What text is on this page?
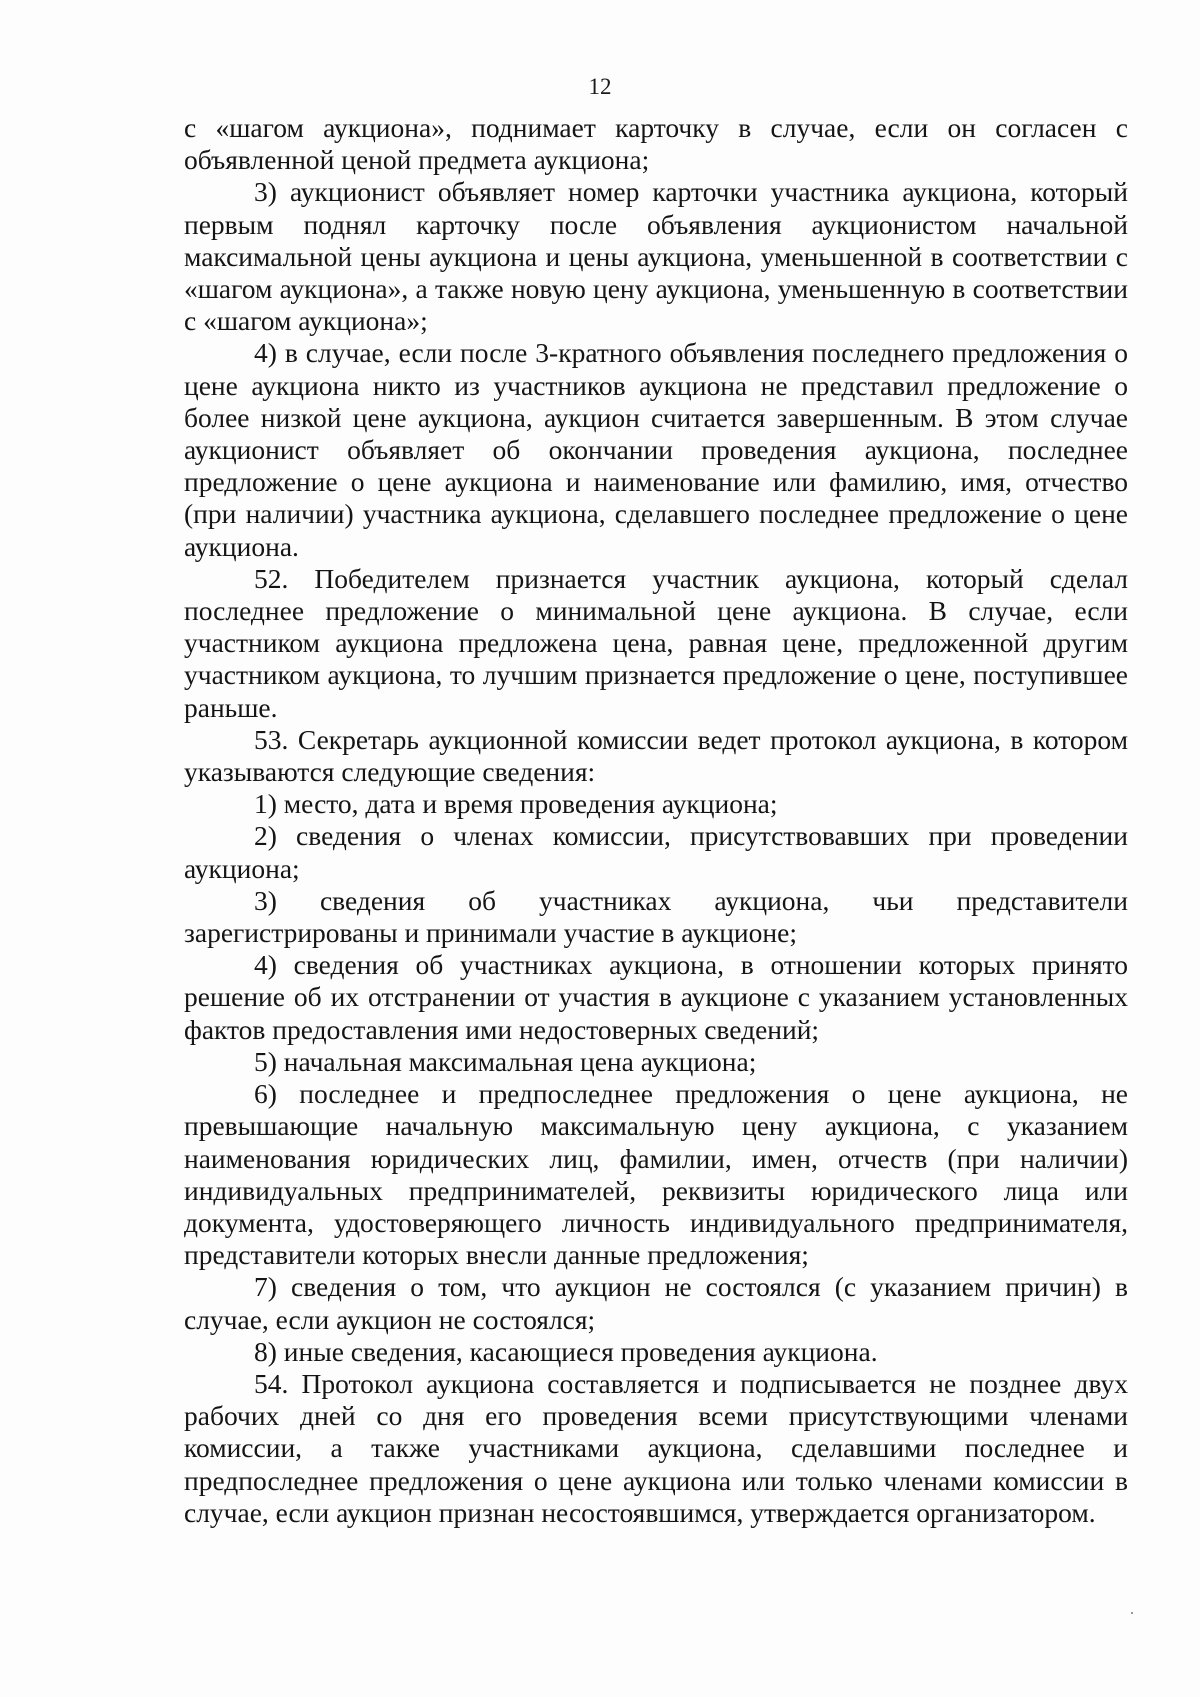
12

с «шагом аукциона», поднимает карточку в случае, если он согласен с объявленной ценой предмета аукциона;

3) аукционист объявляет номер карточки участника аукциона, который первым поднял карточку после объявления аукционистом начальной максимальной цены аукциона и цены аукциона, уменьшенной в соответствии с «шагом аукциона», а также новую цену аукциона, уменьшенную в соответствии с «шагом аукциона»;

4) в случае, если после 3-кратного объявления последнего предложения о цене аукциона никто из участников аукциона не представил предложение о более низкой цене аукциона, аукцион считается завершенным. В этом случае аукционист объявляет об окончании проведения аукциона, последнее предложение о цене аукциона и наименование или фамилию, имя, отчество (при наличии) участника аукциона, сделавшего последнее предложение о цене аукциона.

52. Победителем признается участник аукциона, который сделал последнее предложение о минимальной цене аукциона. В случае, если участником аукциона предложена цена, равная цене, предложенной другим участником аукциона, то лучшим признается предложение о цене, поступившее раньше.

53. Секретарь аукционной комиссии ведет протокол аукциона, в котором указываются следующие сведения:

1) место, дата и время проведения аукциона;

2) сведения о членах комиссии, присутствовавших при проведении аукциона;

3) сведения об участниках аукциона, чьи представители зарегистрированы и принимали участие в аукционе;

4) сведения об участниках аукциона, в отношении которых принято решение об их отстранении от участия в аукционе с указанием установленных фактов предоставления ими недостоверных сведений;

5) начальная максимальная цена аукциона;

6) последнее и предпоследнее предложения о цене аукциона, не превышающие начальную максимальную цену аукциона, с указанием наименования юридических лиц, фамилии, имен, отчеств (при наличии) индивидуальных предпринимателей, реквизиты юридического лица или документа, удостоверяющего личность индивидуального предпринимателя, представители которых внесли данные предложения;

7) сведения о том, что аукцион не состоялся (с указанием причин) в случае, если аукцион не состоялся;

8) иные сведения, касающиеся проведения аукциона.

54. Протокол аукциона составляется и подписывается не позднее двух рабочих дней со дня его проведения всеми присутствующими членами комиссии, а также участниками аукциона, сделавшими последнее и предпоследнее предложения о цене аукциона или только членами комиссии в случае, если аукцион признан несостоявшимся, утверждается организатором.
